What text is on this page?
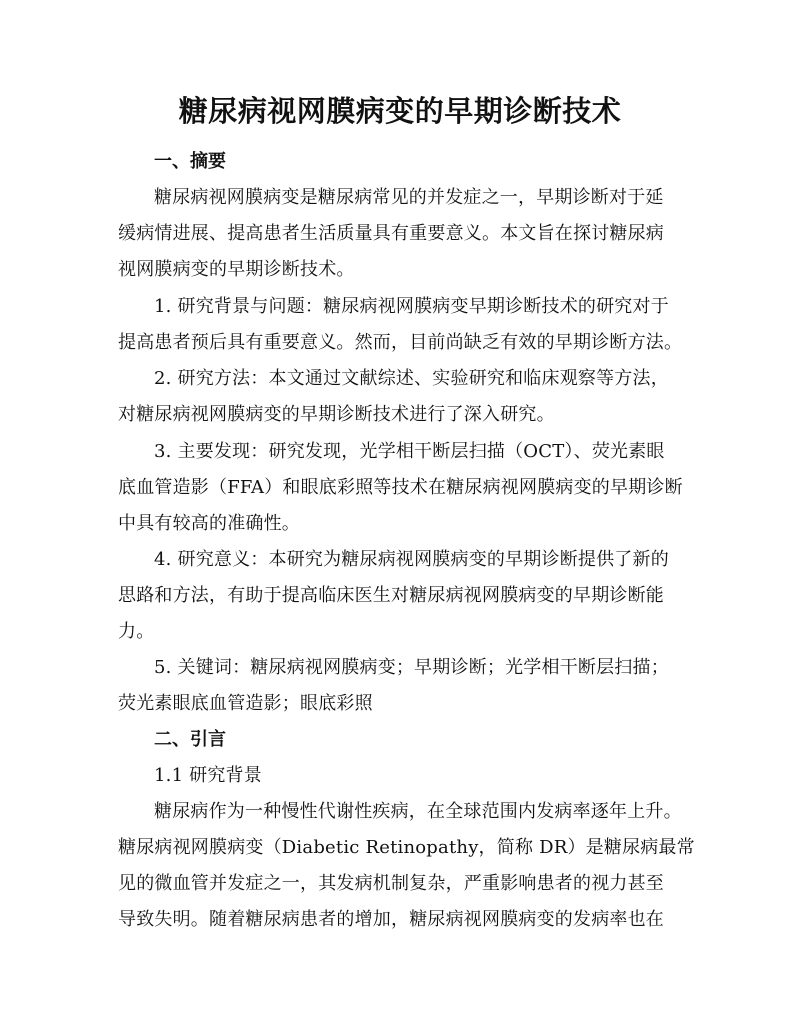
糖尿病视网膜病变的早期诊断技术
一、摘要
糖尿病视网膜病变是糖尿病常见的并发症之一，早期诊断对于延
缓病情进展、提高患者生活质量具有重要意义。本文旨在探讨糖尿病
视网膜病变的早期诊断技术。
1. 研究背景与问题：糖尿病视网膜病变早期诊断技术的研究对于
提高患者预后具有重要意义。然而，目前尚缺乏有效的早期诊断方法。
2. 研究方法：本文通过文献综述、实验研究和临床观察等方法，
对糖尿病视网膜病变的早期诊断技术进行了深入研究。
3. 主要发现：研究发现，光学相干断层扫描（OCT）、荧光素眼
底血管造影（FFA）和眼底彩照等技术在糖尿病视网膜病变的早期诊断
中具有较高的准确性。
4. 研究意义：本研究为糖尿病视网膜病变的早期诊断提供了新的
思路和方法，有助于提高临床医生对糖尿病视网膜病变的早期诊断能
力。
5. 关键词：糖尿病视网膜病变；早期诊断；光学相干断层扫描；
荧光素眼底血管造影；眼底彩照
二、引言
1.1 研究背景
糖尿病作为一种慢性代谢性疾病，在全球范围内发病率逐年上升。
糖尿病视网膜病变（Diabetic Retinopathy，简称 DR）是糖尿病最常
见的微血管并发症之一，其发病机制复杂，严重影响患者的视力甚至
导致失明。随着糖尿病患者的增加，糖尿病视网膜病变的发病率也在
